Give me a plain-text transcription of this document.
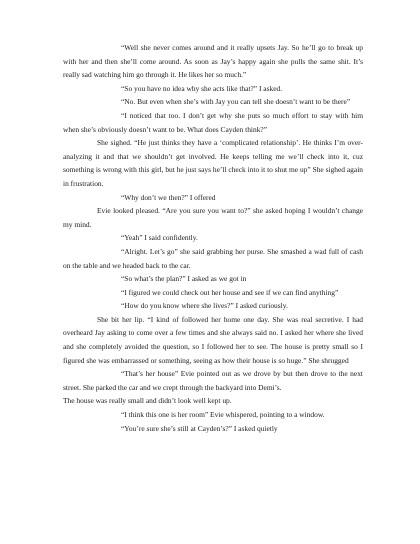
“Well she never comes around and it really upsets Jay. So he’ll go to break up with her and then she’ll come around. As soon as Jay’s happy again she pulls the same shit. It’s really sad watching him go through it. He likes her so much.”

“So you have no idea why she acts like that?” I asked.

“No. But even when she’s with Jay you can tell she doesn’t want to be there”

“I noticed that too. I don’t get why she puts so much effort to stay with him when she’s obviously doesn’t want to be. What does Cayden think?”

She sighed. “He just thinks they have a ‘complicated relationship’. He thinks I’m over-analyzing it and that we shouldn’t get involved. He keeps telling me we’ll check into it, cuz something is wrong with this girl, but he just says he’ll check into it to shut me up” She sighed again in frustration.

“Why don’t we then?” I offered

Evie looked pleased. “Are you sure you want to?” she asked hoping I wouldn’t change my mind.

“Yeah” I said confidently.

“Alright. Let’s go” she said grabbing her purse. She smashed a wad full of cash on the table and we headed back to the car.

“So what’s the plan?” I asked as we got in

“I figured we could check out her house and see if we can find anything”

“How do you know where she lives?” I asked curiously.

She bit her lip. “I kind of followed her home one day. She was real secretive. I had overheard Jay asking to come over a few times and she always said no. I asked her where she lived and she completely avoided the question, so I followed her to see. The house is pretty small so I figured she was embarrassed or something, seeing as how their house is so huge.” She shrugged

“That’s her house” Evie pointed out as we drove by but then drove to the next street. She parked the car and we crept through the backyard into Demi’s.

The house was really small and didn’t look well kept up.

“I think this one is her room” Evie whispered, pointing to a window.

“You’re sure she’s still at Cayden’s?” I asked quietly
